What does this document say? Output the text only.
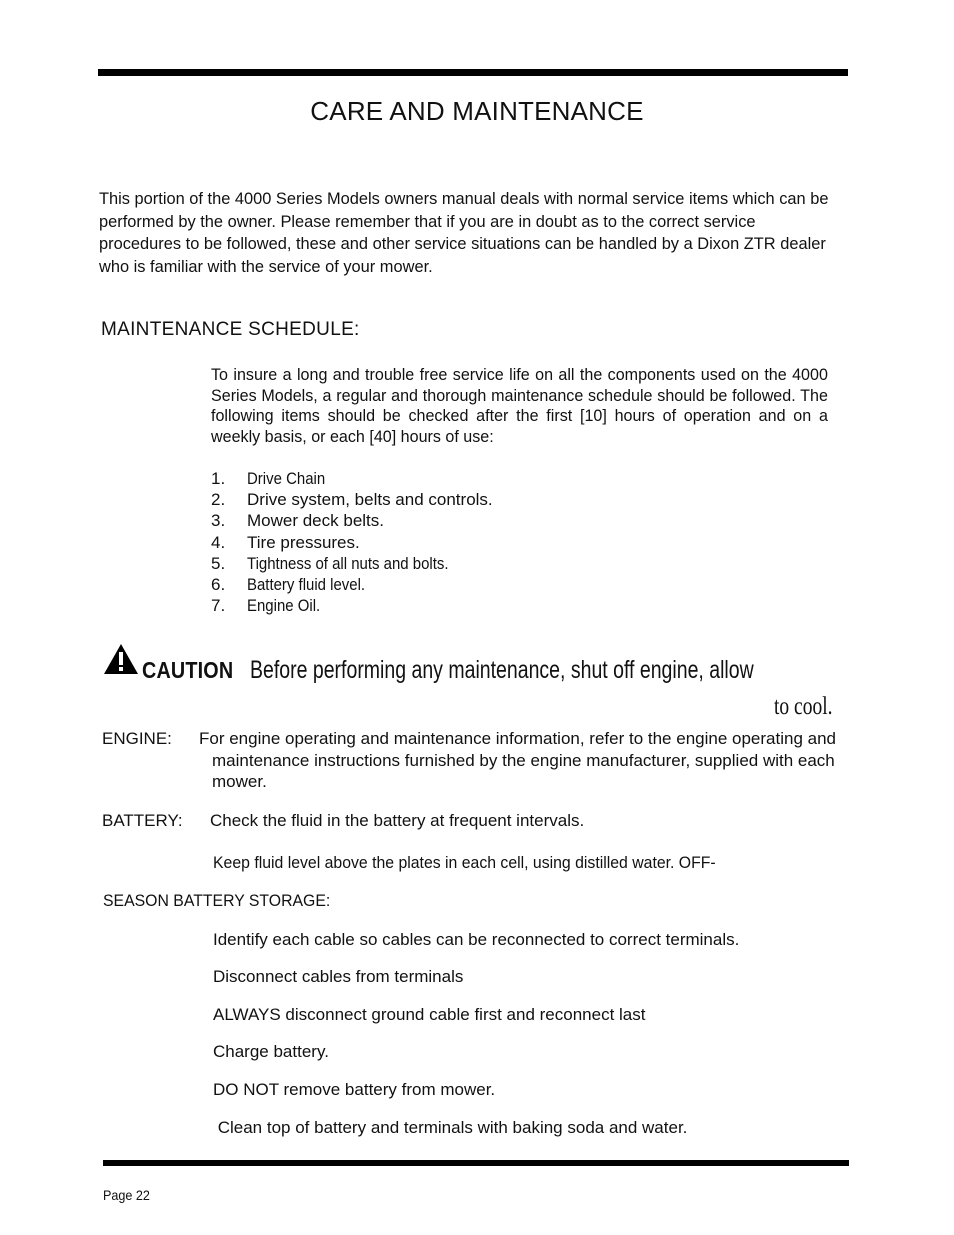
CARE AND MAINTENANCE

This portion of the 4000 Series Models owners manual deals with normal service items which can be performed by the owner. Please remember that if you are in doubt as to the correct service procedures to be followed, these and other service situations can be handled by a Dixon ZTR dealer who is familiar with the service of your mower.

MAINTENANCE SCHEDULE:
To insure a long and trouble free service life on all the components used on the 4000 Series Models, a regular and thorough maintenance schedule should be followed. The following items should be checked after the first [10] hours of operation and on a weekly basis, or each [40] hours of use:
1. Drive Chain
2. Drive system, belts and controls.
3. Mower deck belts.
4. Tire pressures.
5. Tightness of all nuts and bolts.
6. Battery fluid level.
7. Engine Oil.
CAUTION Before performing any maintenance, shut off engine, allow
to cool.
ENGINE: For engine operating and maintenance information, refer to the engine operating and
maintenance instructions furnished by the engine manufacturer, supplied with each mower.
BATTERY: Check the fluid in the battery at frequent intervals.
Keep fluid level above the plates in each cell, using distilled water. OFF-
SEASON BATTERY STORAGE:
Identify each cable so cables can be reconnected to correct terminals.
Disconnect cables from terminals
ALWAYS disconnect ground cable first and reconnect last
Charge battery.
DO NOT remove battery from mower.
Clean top of battery and terminals with baking soda and water.
Page 22
